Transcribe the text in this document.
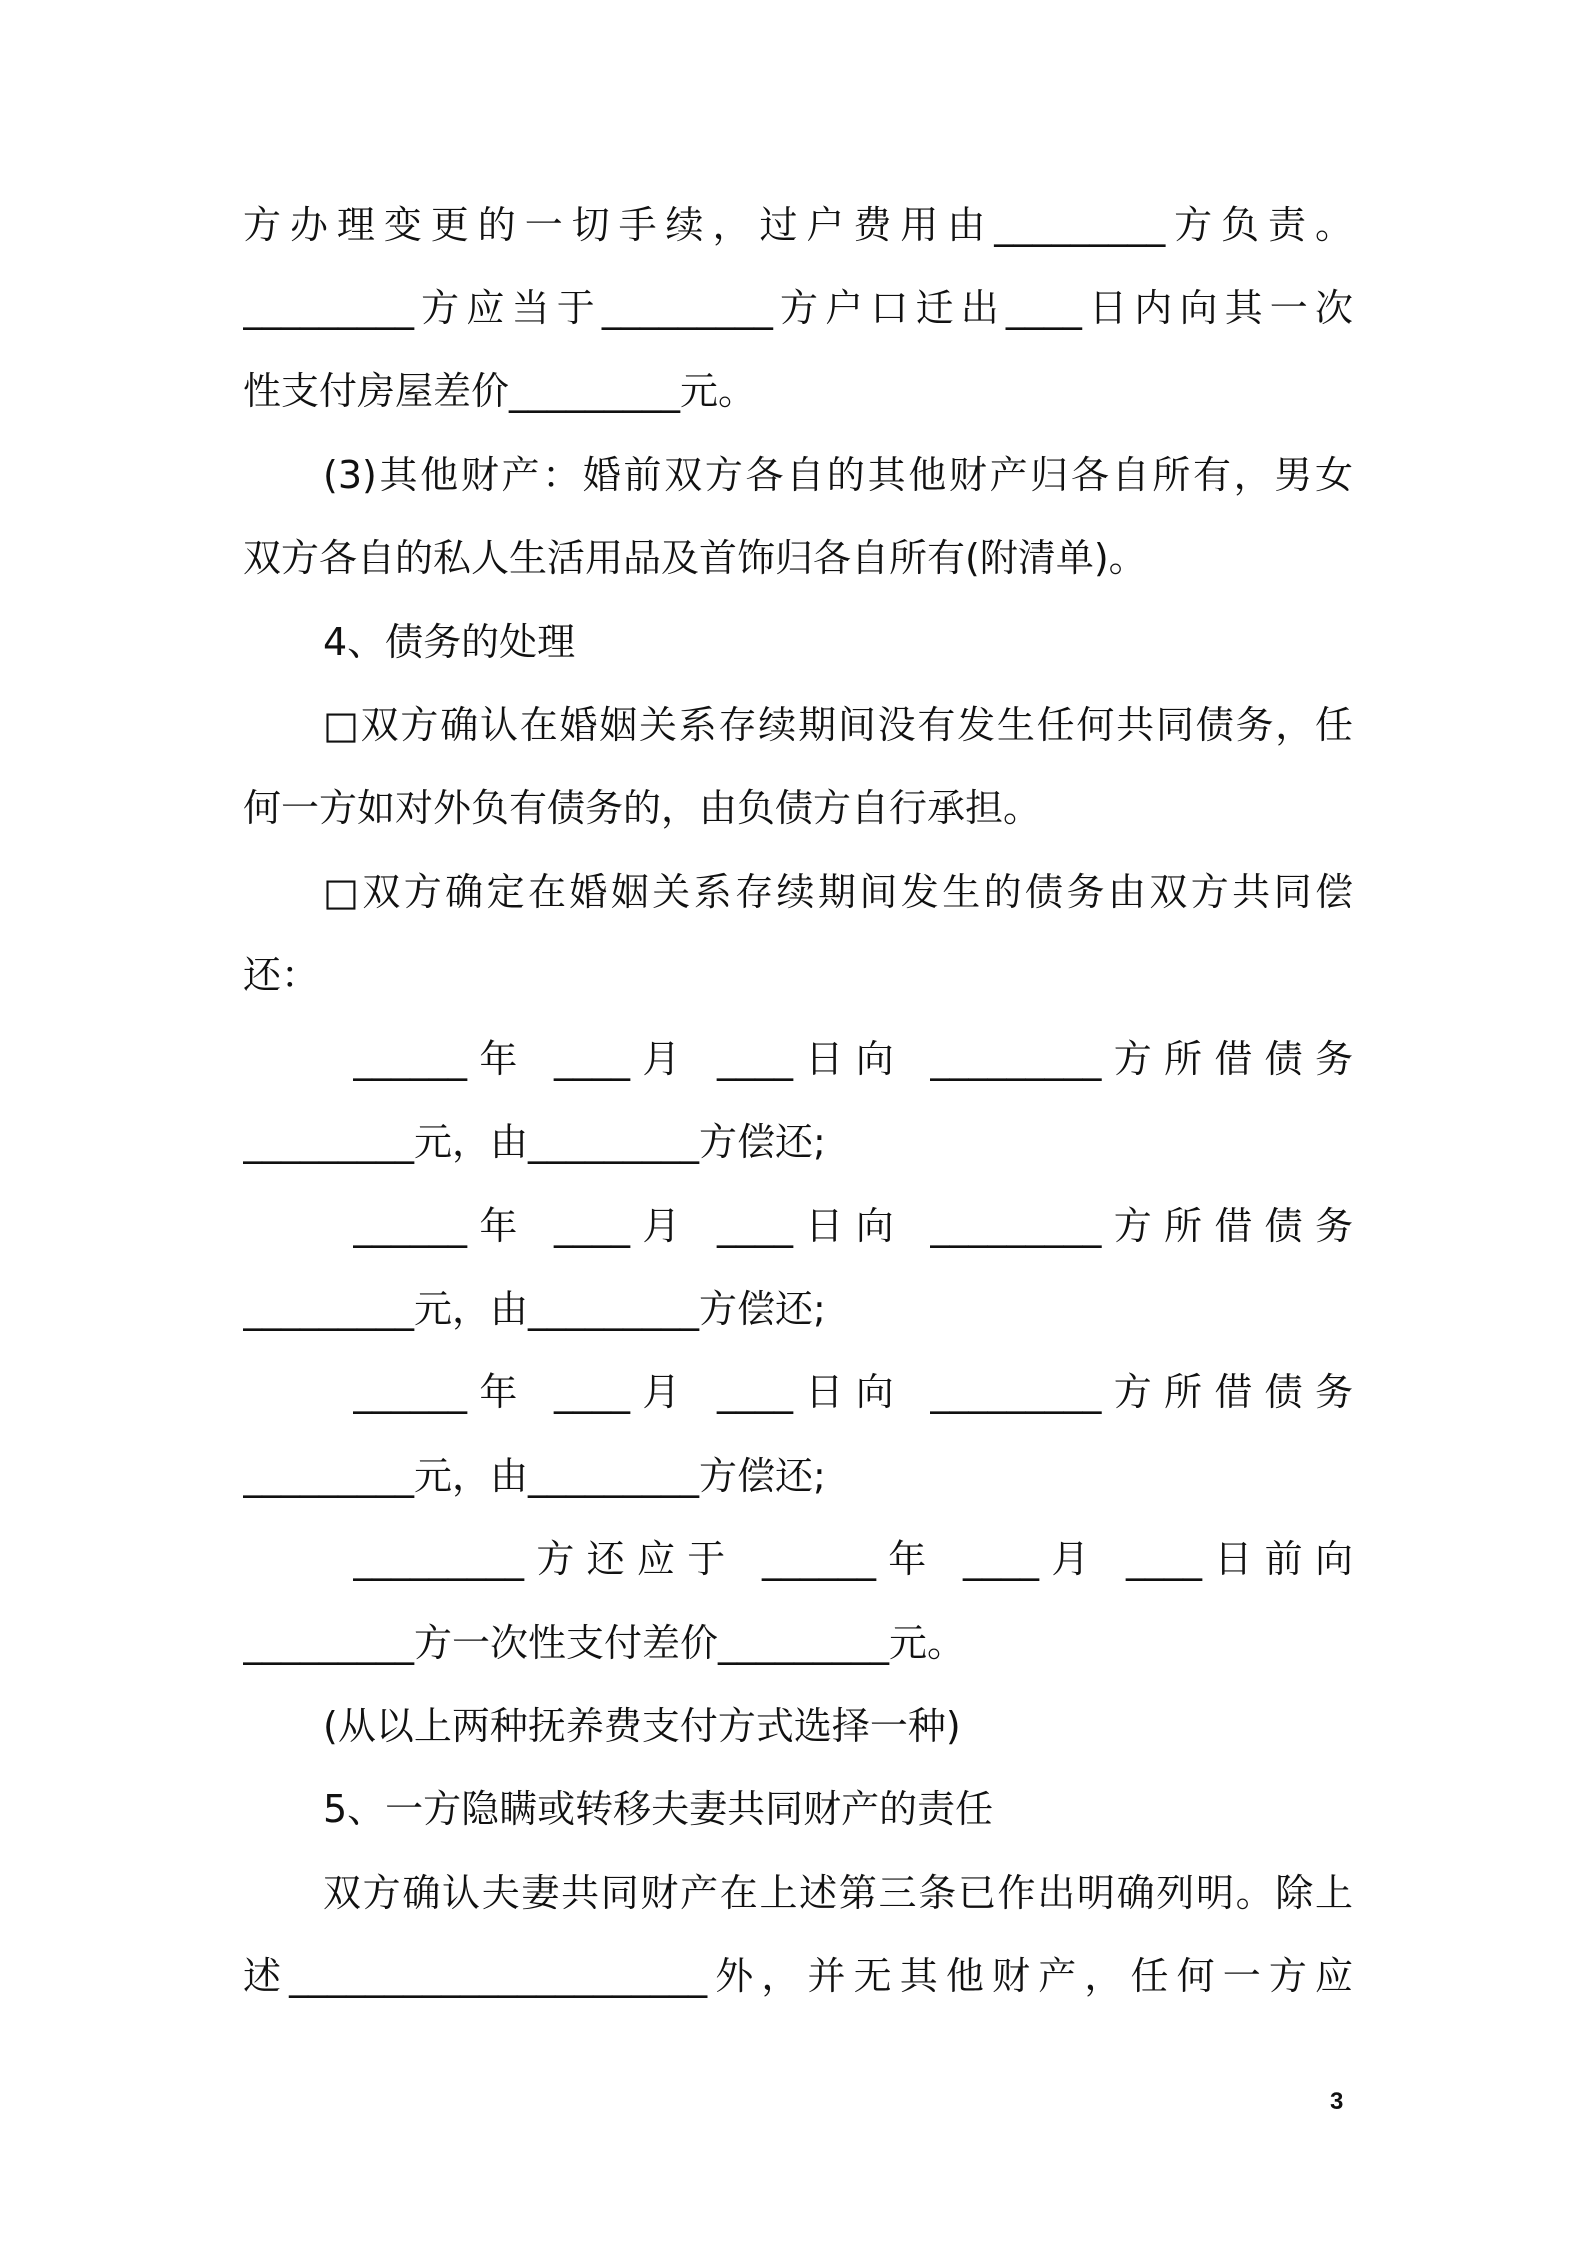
方办理变更的一切手续，过户费用由_________方负责。
_________方应当于_________方户口迁出____日内向其一次
性支付房屋差价_________元。
(3)其他财产：婚前双方各自的其他财产归各自所有，男女
双方各自的私人生活用品及首饰归各自所有(附清单)。
4、债务的处理
□双方确认在婚姻关系存续期间没有发生任何共同债务，任
何一方如对外负有债务的，由负债方自行承担。
□双方确定在婚姻关系存续期间发生的债务由双方共同偿
还：
______年 ____月 ____日向 _________方所借债务
_________元，由_________方偿还;
______年 ____月 ____日向 _________方所借债务
_________元，由_________方偿还;
______年 ____月 ____日向 _________方所借债务
_________元，由_________方偿还;
_________方还应于 ______年 ____月 ____日前向
_________方一次性支付差价_________元。
(从以上两种抚养费支付方式选择一种)
5、一方隐瞒或转移夫妻共同财产的责任
双方确认夫妻共同财产在上述第三条已作出明确列明。除上
述______________________外，并无其他财产，任何一方应
3
